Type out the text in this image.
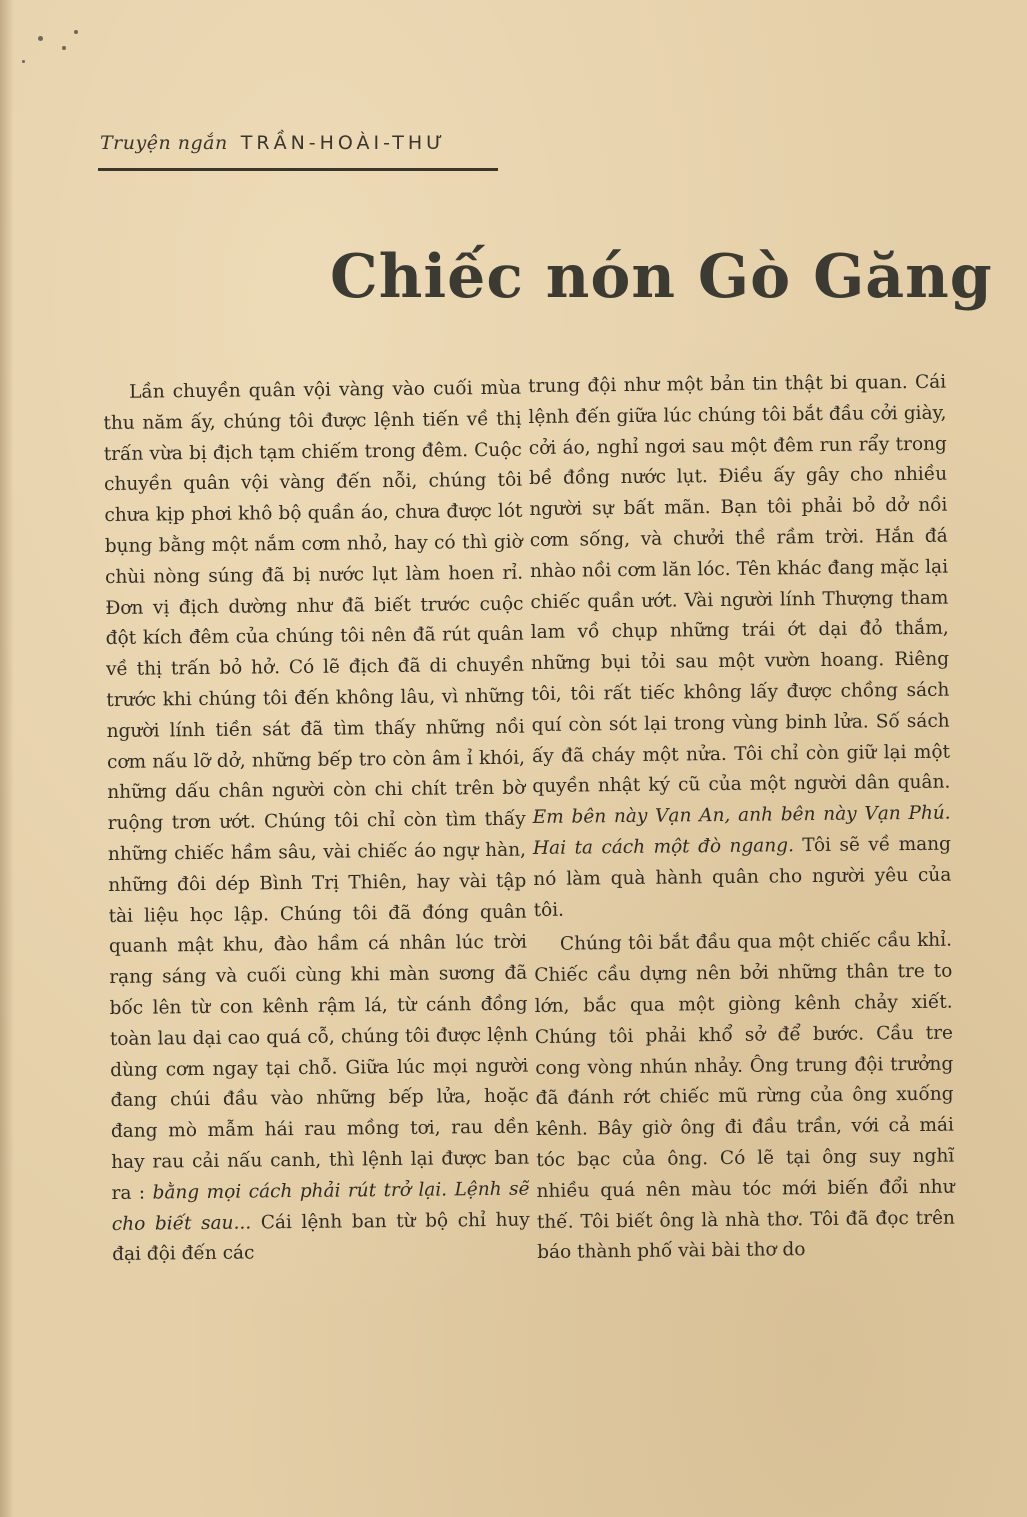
Truyện ngắn TRẦN-HOÀI-THƯ
Chiếc nón Gò Găng

Lần chuyền quân vội vàng vào cuối mùa thu năm ấy, chúng tôi được lệnh tiến về thị trấn vừa bị địch tạm chiếm trong đêm. Cuộc chuyền quân vội vàng đến nỗi, chúng tôi chưa kịp phơi khô bộ quần áo, chưa được lót bụng bằng một nắm cơm nhỏ, hay có thì giờ chùi nòng súng đã bị nước lụt làm hoen rỉ. Đơn vị địch dường như đã biết trước cuộc đột kích đêm của chúng tôi nên đã rút quân về thị trấn bỏ hở. Có lẽ địch đã di chuyền trước khi chúng tôi đến không lâu, vì những người lính tiền sát đã tìm thấy những nồi cơm nấu lỡ dở, những bếp tro còn âm ỉ khói, những dấu chân người còn chi chít trên bờ ruộng trơn ướt. Chúng tôi chỉ còn tìm thấy những chiếc hầm sâu, vài chiếc áo ngự hàn, những đôi dép Bình Trị Thiên, hay vài tập tài liệu học lập. Chúng tôi đã đóng quân quanh mật khu, đào hầm cá nhân lúc trời rạng sáng và cuối cùng khi màn sương đã bốc lên từ con kênh rậm lá, từ cánh đồng toàn lau dại cao quá cỗ, chúng tôi được lệnh dùng cơm ngay tại chỗ. Giữa lúc mọi người đang chúi đầu vào những bếp lửa, hoặc đang mò mẫm hái rau mồng tơi, rau dền hay rau cải nấu canh, thì lệnh lại được ban ra : bằng mọi cách phải rút trở lại. Lệnh sẽ cho biết sau... Cái lệnh ban từ bộ chỉ huy đại đội đến các

trung đội như một bản tin thật bi quan. Cái lệnh đến giữa lúc chúng tôi bắt đầu cởi giày, cởi áo, nghỉ ngơi sau một đêm run rẩy trong bề đồng nước lụt. Điều ấy gây cho nhiều người sự bất mãn. Bạn tôi phải bỏ dở nồi cơm sống, và chưởi thề rầm trời. Hắn đá nhào nồi cơm lăn lóc. Tên khác đang mặc lại chiếc quần ướt. Vài người lính Thượng tham lam vồ chụp những trái ớt dại đỏ thắm, những bụi tỏi sau một vườn hoang. Riêng tôi, tôi rất tiếc không lấy được chồng sách quí còn sót lại trong vùng binh lửa. Số sách ấy đã cháy một nửa. Tôi chỉ còn giữ lại một quyền nhật ký cũ của một người dân quân. Em bên này Vạn An, anh bên này Vạn Phú. Hai ta cách một đò ngang. Tôi sẽ về mang nó làm quà hành quân cho người yêu của tôi.

Chúng tôi bắt đầu qua một chiếc cầu khỉ. Chiếc cầu dựng nên bởi những thân tre to lớn, bắc qua một giòng kênh chảy xiết. Chúng tôi phải khổ sở để bước. Cầu tre cong vòng nhún nhảy. Ông trung đội trưởng đã đánh rớt chiếc mũ rừng của ông xuống kênh. Bây giờ ông đi đầu trần, với cả mái tóc bạc của ông. Có lẽ tại ông suy nghĩ nhiều quá nên màu tóc mới biến đổi như thế. Tôi biết ông là nhà thơ. Tôi đã đọc trên báo thành phố vài bài thơ do
